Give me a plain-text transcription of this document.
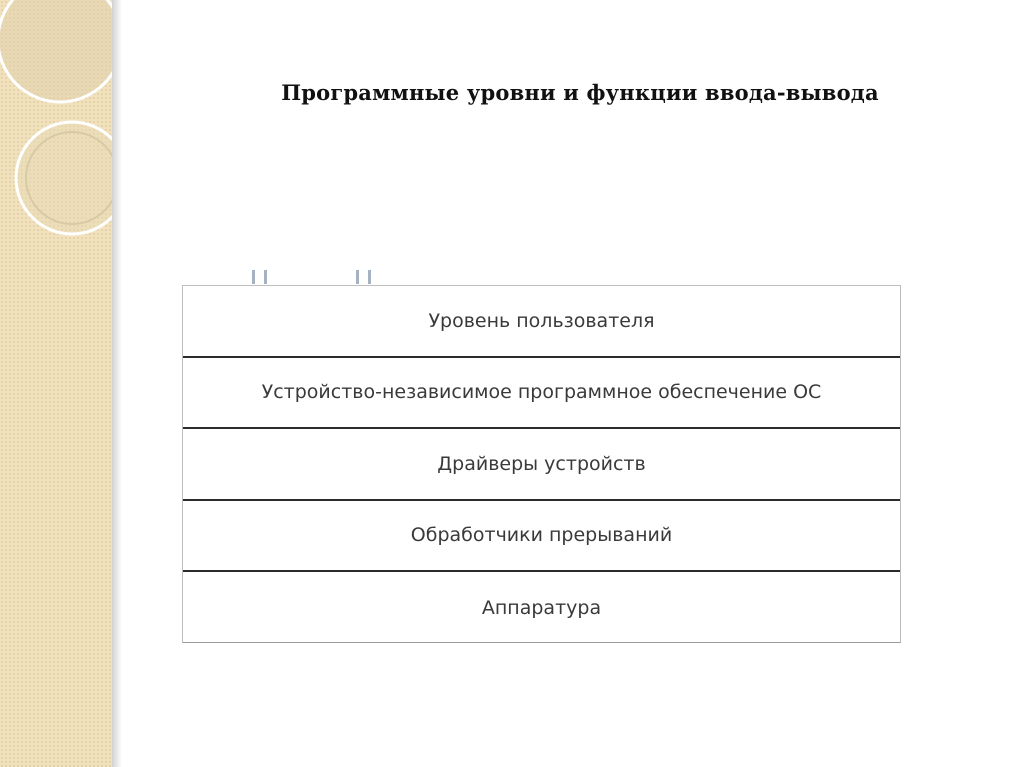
Программные уровни и функции ввода-вывода
Уровень пользователя
Устройство-независимое программное обеспечение ОС
Драйверы устройств
Обработчики прерываний
Аппаратура
